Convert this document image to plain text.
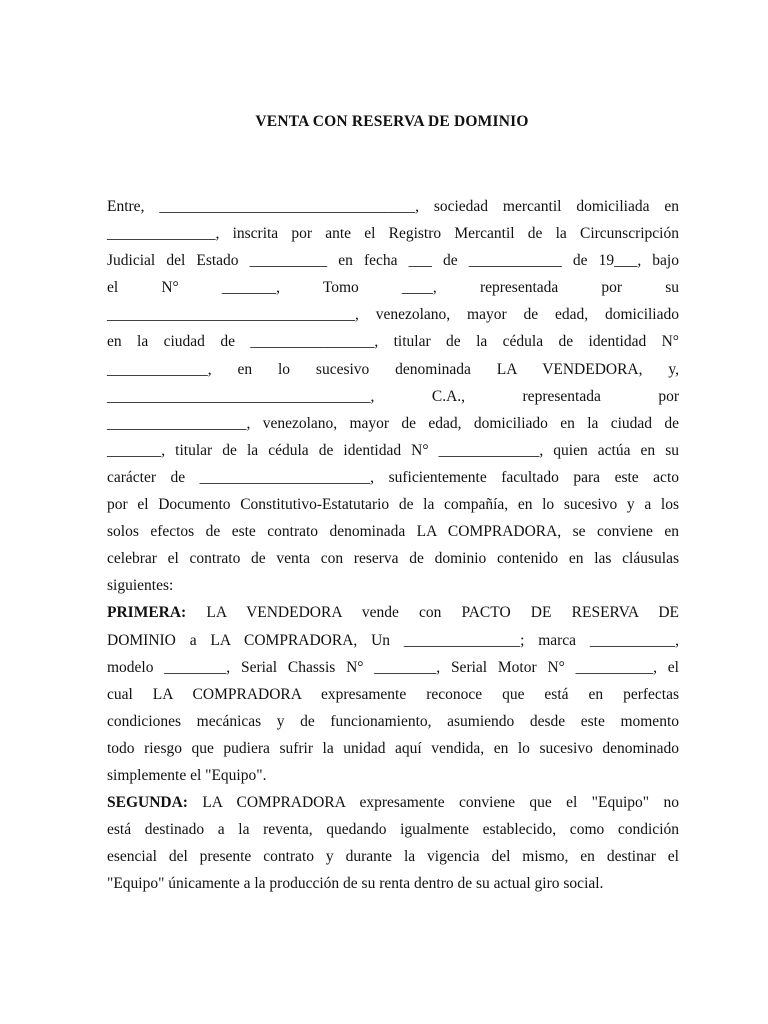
VENTA CON RESERVA DE DOMINIO
Entre, _________________________________, sociedad mercantil domiciliada en
______________, inscrita por ante el Registro Mercantil de la Circunscripción
Judicial del Estado __________ en fecha ___ de ____________ de 19___, bajo
el N° _______, Tomo ____, representada por su
________________________________, venezolano, mayor de edad, domiciliado
en la ciudad de ________________, titular de la cédula de identidad N°
_____________, en lo sucesivo denominada LA VENDEDORA, y,
__________________________________, C.A., representada por
__________________, venezolano, mayor de edad, domiciliado en la ciudad de
_______, titular de la cédula de identidad N° _____________, quien actúa en su
carácter de ______________________, suficientemente facultado para este acto
por el Documento Constitutivo-Estatutario de la compañía, en lo sucesivo y a los
solos efectos de este contrato denominada LA COMPRADORA, se conviene en
celebrar el contrato de venta con reserva de dominio contenido en las cláusulas
siguientes:
PRIMERA: LA VENDEDORA vende con PACTO DE RESERVA DE
DOMINIO a LA COMPRADORA, Un _______________; marca ___________,
modelo ________, Serial Chassis N° ________, Serial Motor N° __________, el
cual LA COMPRADORA expresamente reconoce que está en perfectas
condiciones mecánicas y de funcionamiento, asumiendo desde este momento
todo riesgo que pudiera sufrir la unidad aquí vendida, en lo sucesivo denominado
simplemente el "Equipo".
SEGUNDA: LA COMPRADORA expresamente conviene que el "Equipo" no
está destinado a la reventa, quedando igualmente establecido, como condición
esencial del presente contrato y durante la vigencia del mismo, en destinar el
"Equipo" únicamente a la producción de su renta dentro de su actual giro social.
